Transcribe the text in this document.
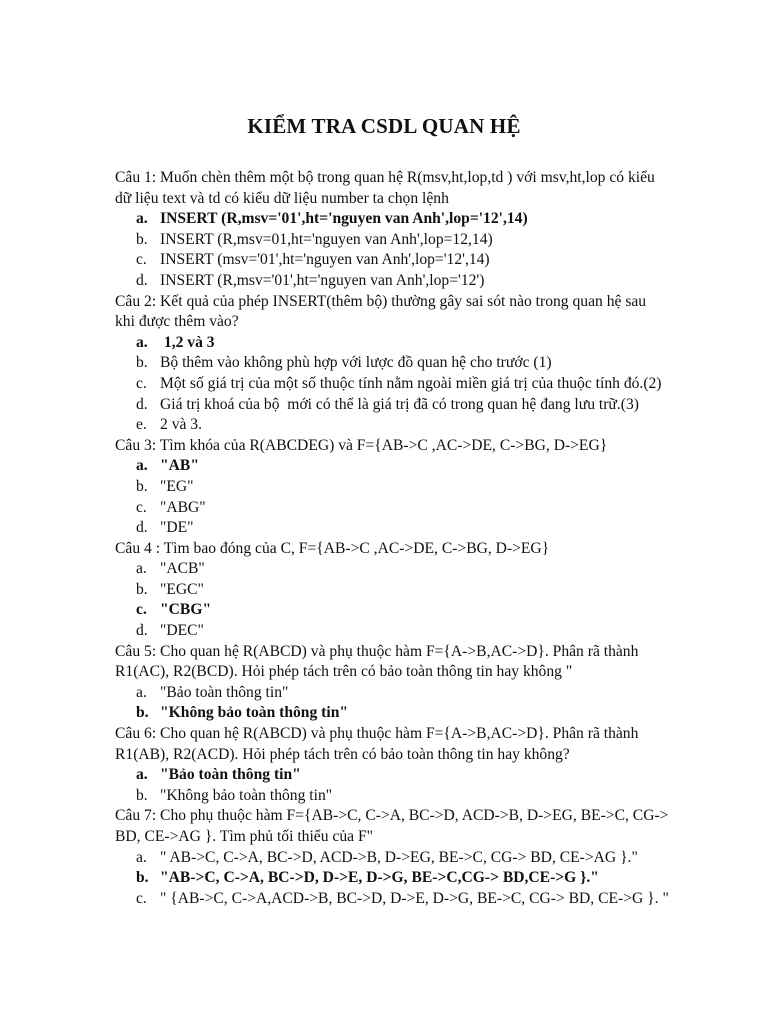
KIỂM TRA CSDL QUAN HỆ
Câu 1: Muốn chèn thêm một bộ trong quan hệ R(msv,ht,lop,td ) với msv,ht,lop có kiểu
dữ liệu text và td có kiểu dữ liệu number ta chọn lệnh
a. INSERT (R,msv='01',ht='nguyen van Anh',lop='12',14)
b. INSERT (R,msv=01,ht='nguyen van Anh',lop=12,14)
c. INSERT (msv='01',ht='nguyen van Anh',lop='12',14)
d. INSERT (R,msv='01',ht='nguyen van Anh',lop='12')
Câu 2: Kết quả của phép INSERT(thêm bộ) thường gây sai sót nào trong quan hệ sau
khi được thêm vào?
a. 1,2 và 3
b. Bộ thêm vào không phù hợp với lược đồ quan hệ cho trước (1)
c. Một số giá trị của một số thuộc tính nằm ngoài miền giá trị của thuộc tính đó.(2)
d. Giá trị khoá của bộ  mới có thể là giá trị đã có trong quan hệ đang lưu trữ.(3)
e. 2 và 3.
Câu 3: Tìm khóa của R(ABCDEG) và F={AB->C ,AC->DE, C->BG, D->EG}
a. "AB"
b. "EG"
c. "ABG"
d. "DE"
Câu 4 : Tìm bao đóng của C, F={AB->C ,AC->DE, C->BG, D->EG}
a. "ACB"
b. "EGC"
c. "CBG"
d. "DEC"
Câu 5: Cho quan hệ R(ABCD) và phụ thuộc hàm F={A->B,AC->D}. Phân rã thành
R1(AC), R2(BCD). Hỏi phép tách trên có bảo toàn thông tin hay không "
a. "Bảo toàn thông tin"
b. "Không bảo toàn thông tin"
Câu 6: Cho quan hệ R(ABCD) và phụ thuộc hàm F={A->B,AC->D}. Phân rã thành
R1(AB), R2(ACD). Hỏi phép tách trên có bảo toàn thông tin hay không?
a. "Bảo toàn thông tin"
b. "Không bảo toàn thông tin"
Câu 7: Cho phụ thuộc hàm F={AB->C, C->A, BC->D, ACD->B, D->EG, BE->C, CG->
BD, CE->AG }. Tìm phủ tối thiểu của F"
a. " AB->C, C->A, BC->D, ACD->B, D->EG, BE->C, CG-> BD, CE->AG }."
b. "AB->C, C->A, BC->D, D->E, D->G, BE->C,CG-> BD,CE->G }."
c. " {AB->C, C->A,ACD->B, BC->D, D->E, D->G, BE->C, CG-> BD, CE->G }. "
